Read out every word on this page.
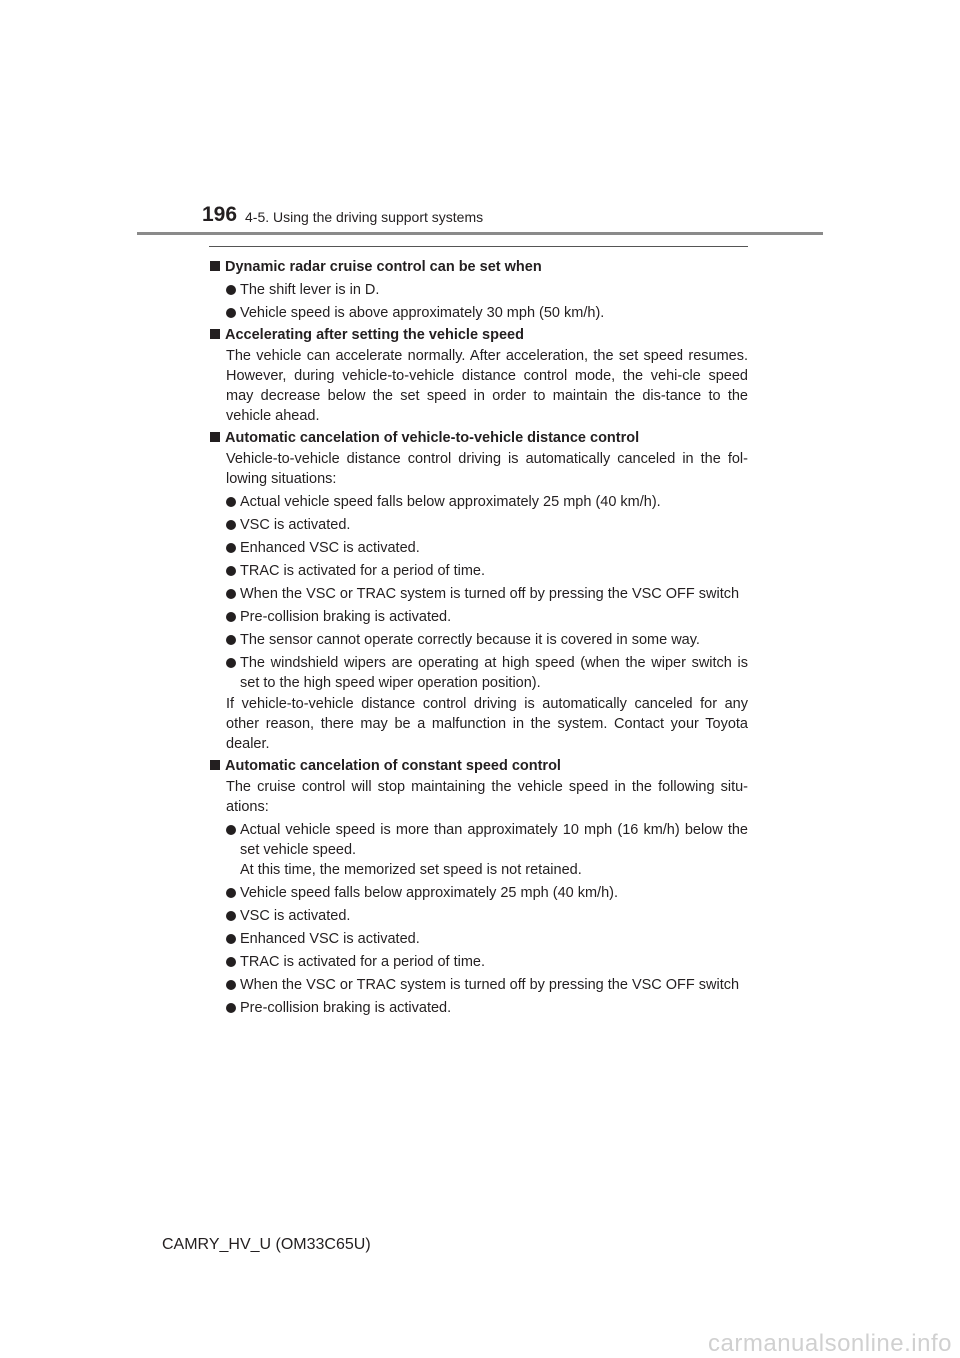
196 4-5. Using the driving support systems
Dynamic radar cruise control can be set when
The shift lever is in D.
Vehicle speed is above approximately 30 mph (50 km/h).
Accelerating after setting the vehicle speed

The vehicle can accelerate normally. After acceleration, the set speed resumes. However, during vehicle-to-vehicle distance control mode, the vehi-cle speed may decrease below the set speed in order to maintain the dis-tance to the vehicle ahead.

Automatic cancelation of vehicle-to-vehicle distance control

Vehicle-to-vehicle distance control driving is automatically canceled in the fol-lowing situations:

Actual vehicle speed falls below approximately 25 mph (40 km/h).
VSC is activated.
Enhanced VSC is activated.
TRAC is activated for a period of time.
When the VSC or TRAC system is turned off by pressing the VSC OFF switch
Pre-collision braking is activated.
The sensor cannot operate correctly because it is covered in some way.
The windshield wipers are operating at high speed (when the wiper switch is set to the high speed wiper operation position).

If vehicle-to-vehicle distance control driving is automatically canceled for any other reason, there may be a malfunction in the system. Contact your Toyota dealer.

Automatic cancelation of constant speed control

The cruise control will stop maintaining the vehicle speed in the following situ-ations:

Actual vehicle speed is more than approximately 10 mph (16 km/h) below the set vehicle speed.
At this time, the memorized set speed is not retained.
Vehicle speed falls below approximately 25 mph (40 km/h).
VSC is activated.
Enhanced VSC is activated.
TRAC is activated for a period of time.
When the VSC or TRAC system is turned off by pressing the VSC OFF switch
Pre-collision braking is activated.
CAMRY_HV_U (OM33C65U)
carmanualsonline.info
